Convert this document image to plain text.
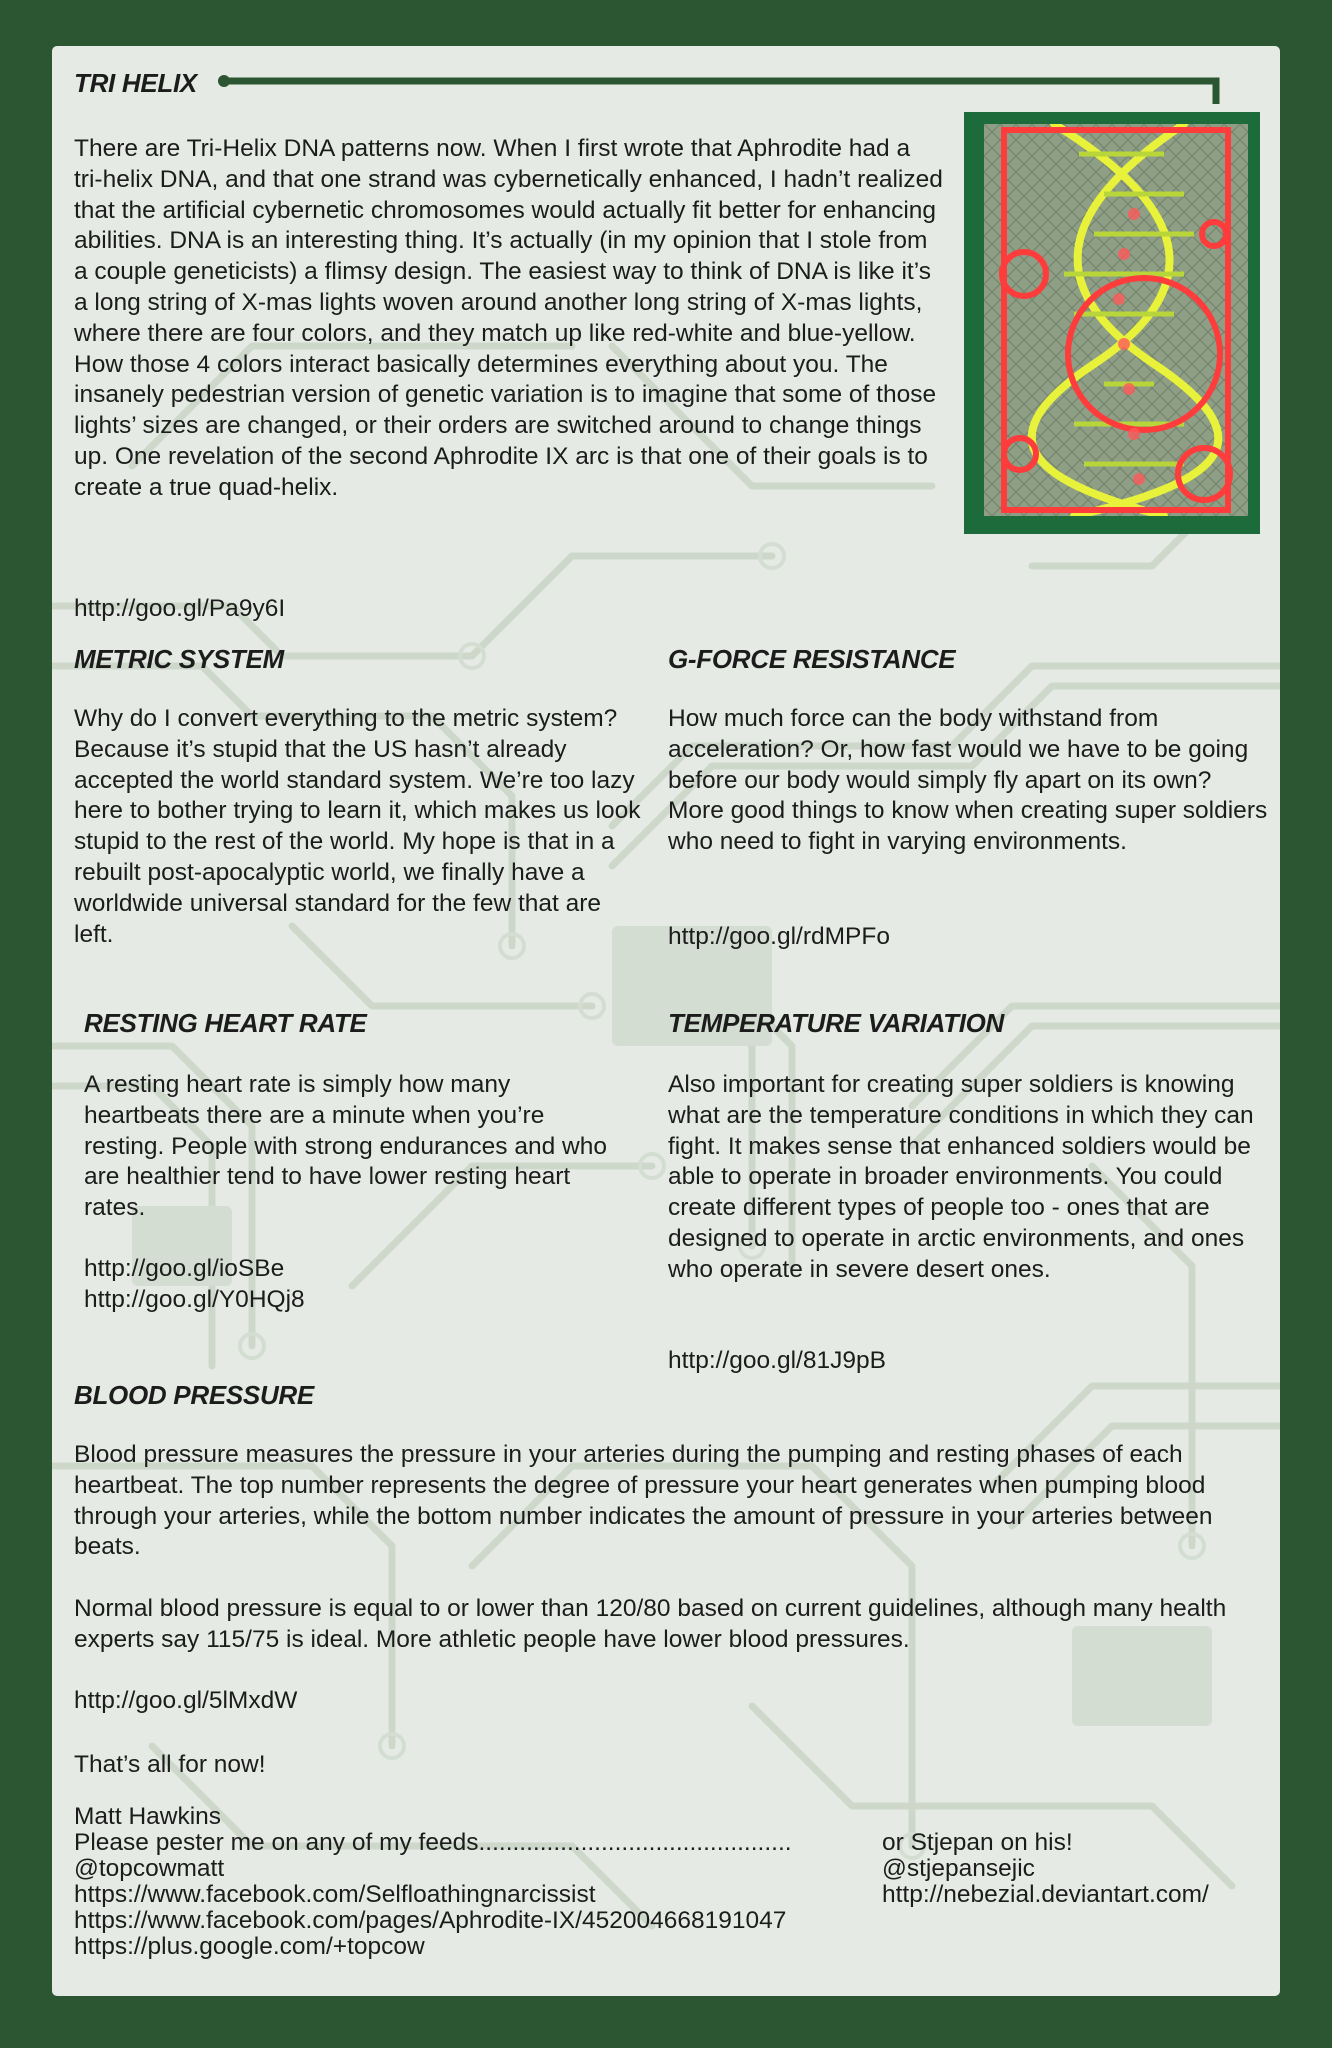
TRI HELIX

There are Tri-Helix DNA patterns now. When I first wrote that Aphrodite had a tri-helix DNA, and that one strand was cybernetically enhanced, I hadn’t realized that the artificial cybernetic chromosomes would actually fit better for enhancing abilities. DNA is an interesting thing. It’s actually (in my opinion that I stole from a couple geneticists) a flimsy design. The easiest way to think of DNA is like it’s a long string of X-mas lights woven around another long string of X-mas lights, where there are four colors, and they match up like red-white and blue-yellow. How those 4 colors interact basically determines everything about you. The insanely pedestrian version of genetic variation is to imagine that some of those lights’ sizes are changed, or their orders are switched around to change things up. One revelation of the second Aphrodite IX arc is that one of their goals is to create a true quad-helix.

http://goo.gl/Pa9y6I

METRIC SYSTEM

Why do I convert everything to the metric system? Because it’s stupid that the US hasn’t already accepted the world standard system. We’re too lazy here to bother trying to learn it, which makes us look stupid to the rest of the world. My hope is that in a rebuilt post-apocalyptic world, we finally have a worldwide universal standard for the few that are left.

G-FORCE RESISTANCE

How much force can the body withstand from acceleration? Or, how fast would we have to be going before our body would simply fly apart on its own? More good things to know when creating super soldiers who need to fight in varying environments.

http://goo.gl/rdMPFo

RESTING HEART RATE

A resting heart rate is simply how many heartbeats there are a minute when you’re resting. People with strong endurances and who are healthier tend to have lower resting heart rates.

http://goo.gl/ioSBe

http://goo.gl/Y0HQj8

TEMPERATURE VARIATION

Also important for creating super soldiers is knowing what are the temperature conditions in which they can fight. It makes sense that enhanced soldiers would be able to operate in broader environments. You could create different types of people too - ones that are designed to operate in arctic environments, and ones who operate in severe desert ones.

http://goo.gl/81J9pB

BLOOD PRESSURE

Blood pressure measures the pressure in your arteries during the pumping and resting phases of each heartbeat. The top number represents the degree of pressure your heart generates when pumping blood through your arteries, while the bottom number indicates the amount of pressure in your arteries between beats.

Normal blood pressure is equal to or lower than 120/80 based on current guidelines, although many health experts say 115/75 is ideal. More athletic people have lower blood pressures.

http://goo.gl/5lMxdW

That’s all for now!

Matt Hawkins

Please pester me on any of my feeds..............................................

@topcowmatt

https://www.facebook.com/Selfloathingnarcissist

https://www.facebook.com/pages/Aphrodite-IX/452004668191047

https://plus.google.com/+topcow

or Stjepan on his!

@stjepansejic

http://nebezial.deviantart.com/
